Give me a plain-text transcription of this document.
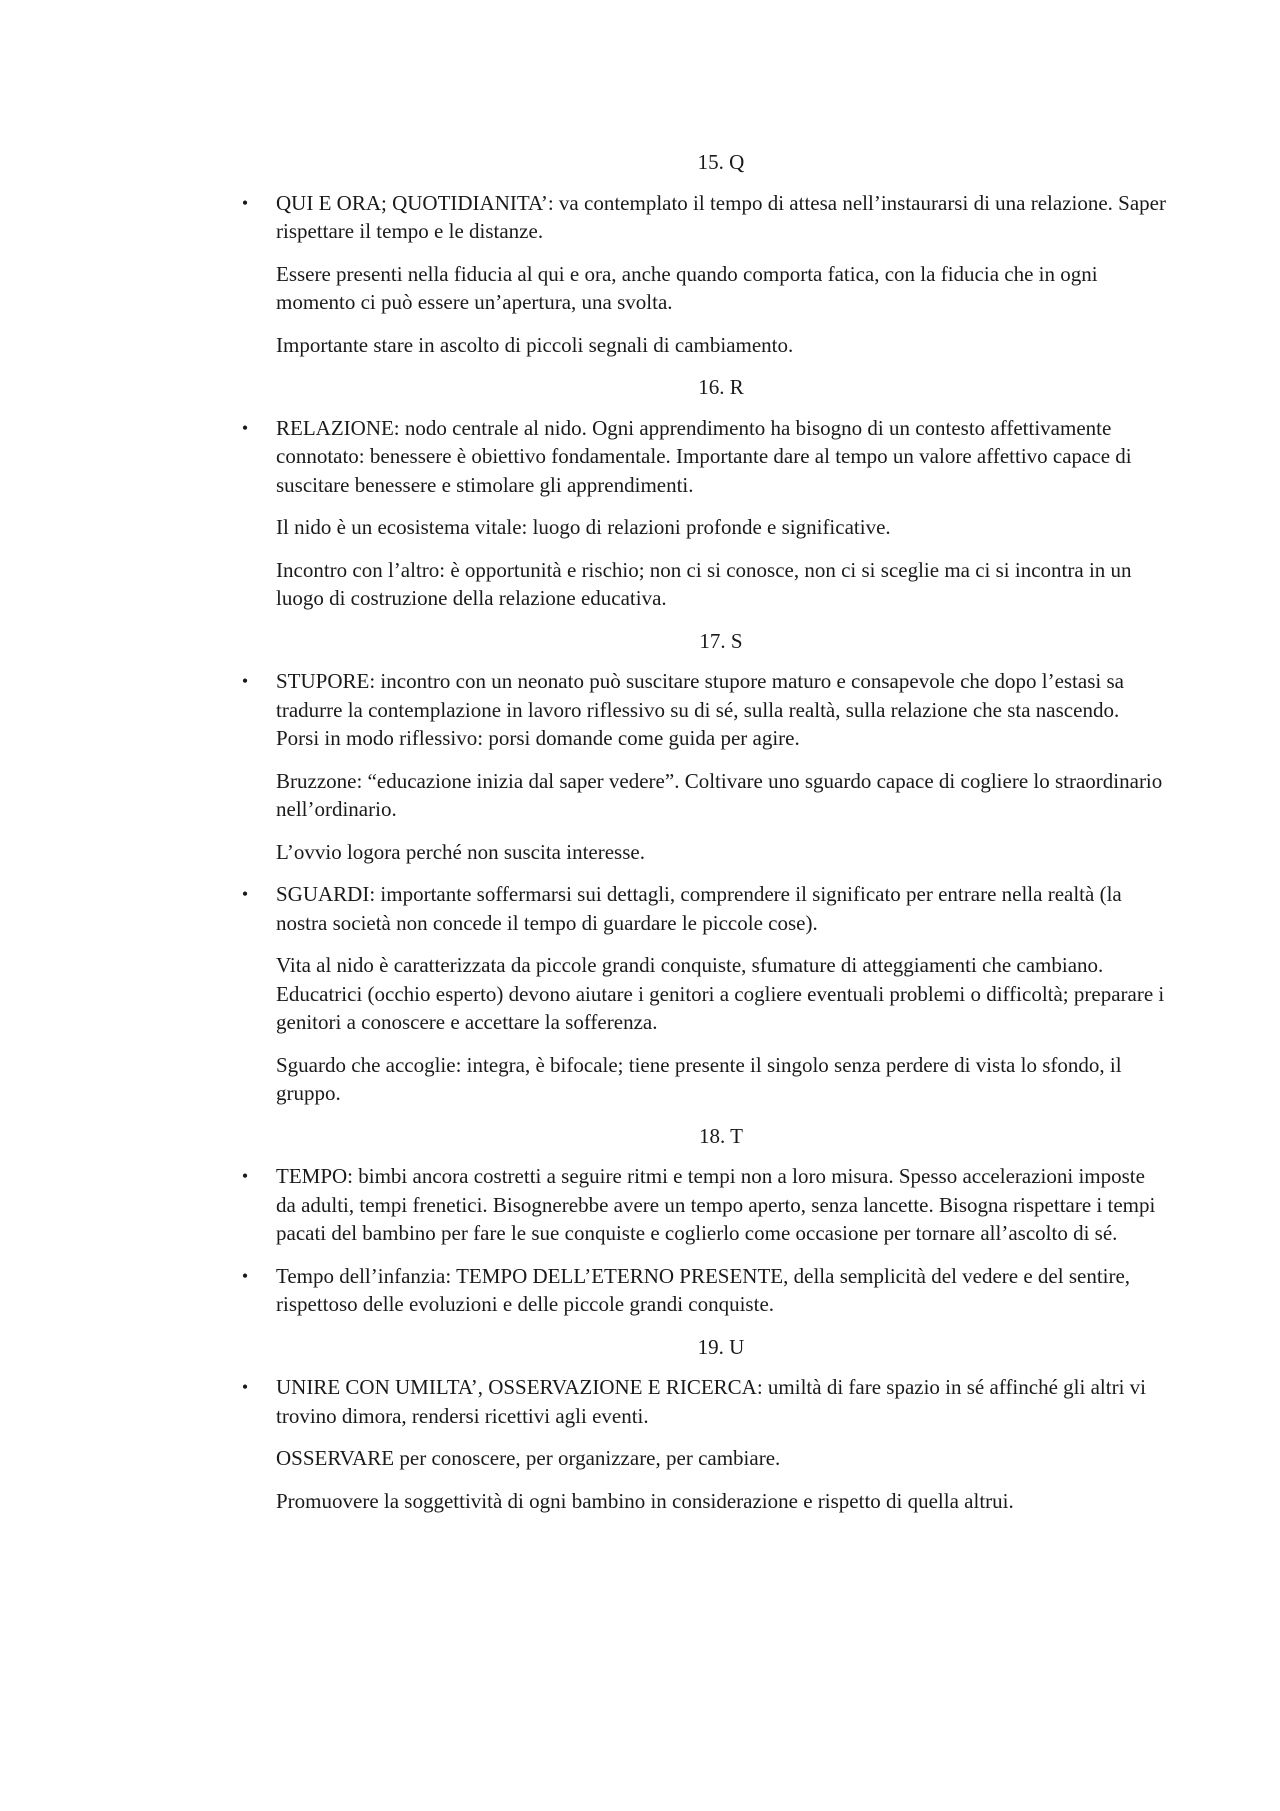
15. Q
•	QUI E ORA; QUOTIDIANITA’: va contemplato il tempo di attesa nell’instaurarsi di una relazione. Saper rispettare il tempo e le distanze.

Essere presenti nella fiducia al qui e ora, anche quando comporta fatica, con la fiducia che in ogni momento ci può essere un’apertura, una svolta.

Importante stare in ascolto di piccoli segnali di cambiamento.

16. R
•	RELAZIONE: nodo centrale al nido. Ogni apprendimento ha bisogno di un contesto affettivamente connotato: benessere è obiettivo fondamentale. Importante dare al tempo un valore affettivo capace di suscitare benessere e stimolare gli apprendimenti.

Il nido è un ecosistema vitale: luogo di relazioni profonde e significative.

Incontro con l’altro: è opportunità e rischio; non ci si conosce, non ci si sceglie ma ci si incontra in un luogo di costruzione della relazione educativa.

17. S
•	STUPORE: incontro con un neonato può suscitare stupore maturo e consapevole che dopo l’estasi sa tradurre la contemplazione in lavoro riflessivo su di sé, sulla realtà, sulla relazione che sta nascendo. Porsi in modo riflessivo: porsi domande come guida per agire.

Bruzzone: “educazione inizia dal saper vedere”. Coltivare uno sguardo capace di cogliere lo straordinario nell’ordinario.

L’ovvio logora perché non suscita interesse.

•	SGUARDI: importante soffermarsi sui dettagli, comprendere il significato per entrare nella realtà (la nostra società non concede il tempo di guardare le piccole cose).

Vita al nido è caratterizzata da piccole grandi conquiste, sfumature di atteggiamenti che cambiano. Educatrici (occhio esperto) devono aiutare i genitori a cogliere eventuali problemi o difficoltà; preparare i genitori a conoscere e accettare la sofferenza.

Sguardo che accoglie: integra, è bifocale; tiene presente il singolo senza perdere di vista lo sfondo, il gruppo.

18. T
•	TEMPO: bimbi ancora costretti a seguire ritmi e tempi non a loro misura. Spesso accelerazioni imposte da adulti, tempi frenetici. Bisognerebbe avere un tempo aperto, senza lancette. Bisogna rispettare i tempi pacati del bambino per fare le sue conquiste e coglierlo come occasione per tornare all’ascolto di sé.

•	Tempo dell’infanzia: TEMPO DELL’ETERNO PRESENTE, della semplicità del vedere e del sentire, rispettoso delle evoluzioni e delle piccole grandi conquiste.

19. U
•	UNIRE CON UMILTA’, OSSERVAZIONE E RICERCA: umiltà di fare spazio in sé affinché gli altri vi trovino dimora, rendersi ricettivi agli eventi.

OSSERVARE per conoscere, per organizzare, per cambiare.

Promuovere la soggettività di ogni bambino in considerazione e rispetto di quella altrui.
